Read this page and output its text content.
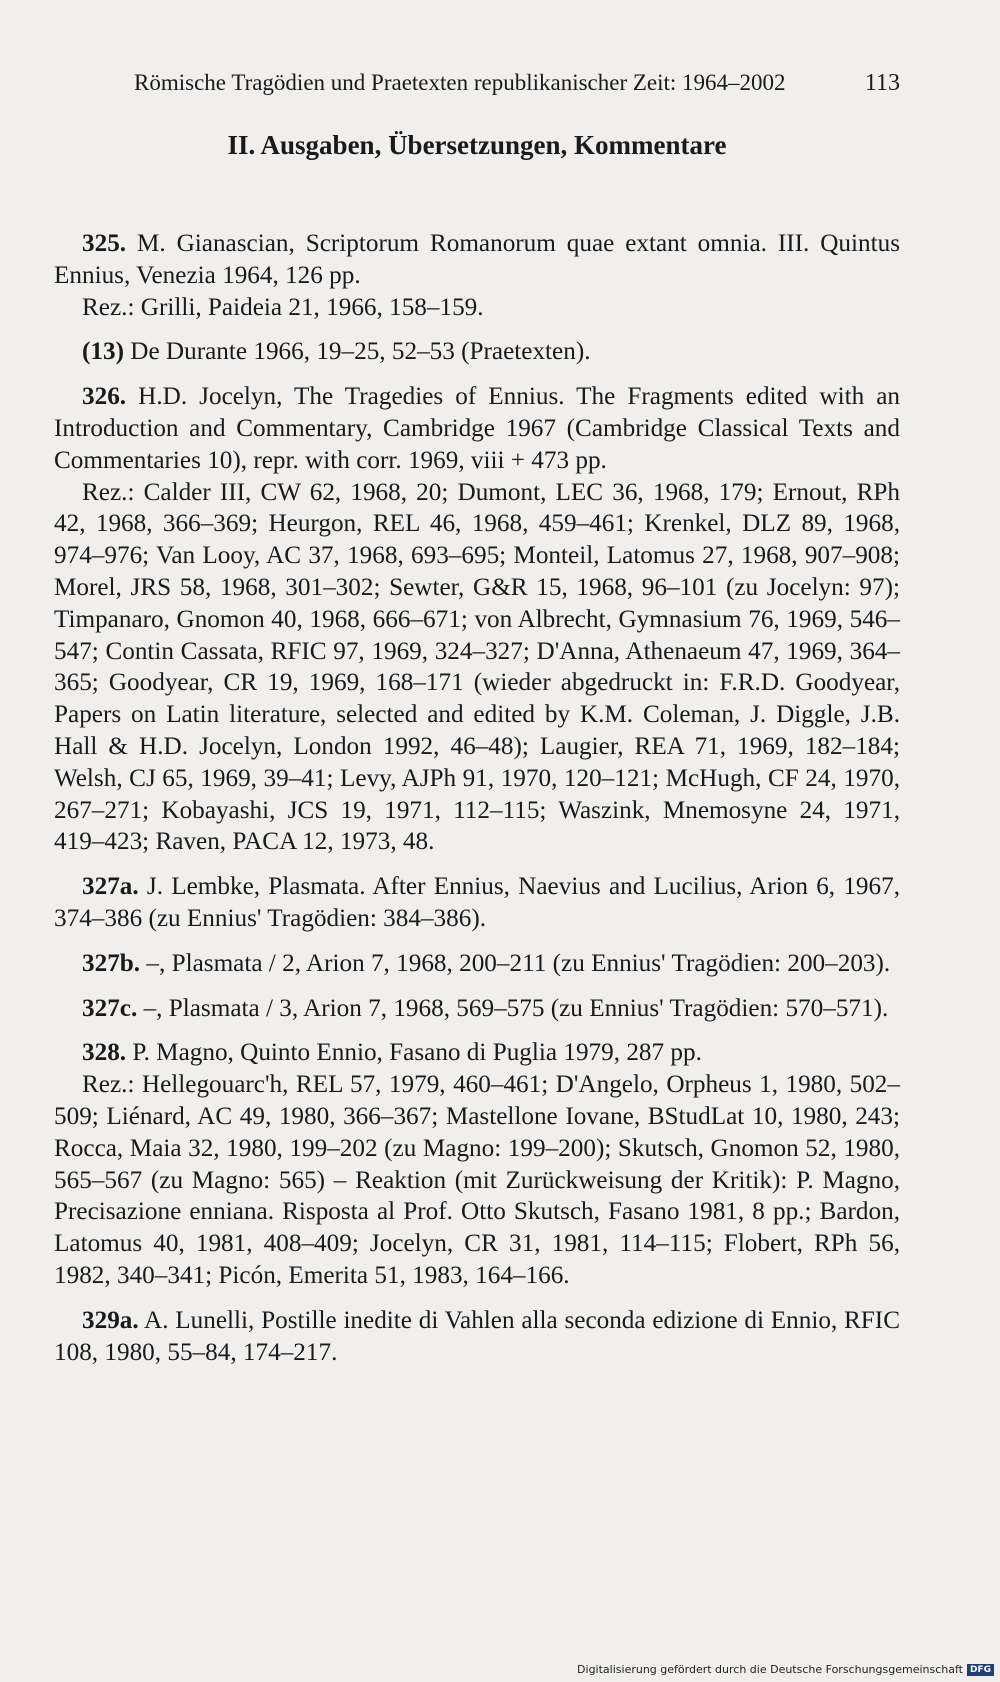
Römische Tragödien und Praetexten republikanischer Zeit: 1964–2002	113
II. Ausgaben, Übersetzungen, Kommentare

325. M. Gianascian, Scriptorum Romanorum quae extant omnia. III. Quintus Ennius, Venezia 1964, 126 pp.

Rez.: Grilli, Paideia 21, 1966, 158–159.

(13) De Durante 1966, 19–25, 52–53 (Praetexten).

326. H.D. Jocelyn, The Tragedies of Ennius. The Fragments edited with an Introduction and Commentary, Cambridge 1967 (Cambridge Classical Texts and Commentaries 10), repr. with corr. 1969, viii + 473 pp.

Rez.: Calder III, CW 62, 1968, 20; Dumont, LEC 36, 1968, 179; Ernout, RPh 42, 1968, 366–369; Heurgon, REL 46, 1968, 459–461; Krenkel, DLZ 89, 1968, 974–976; Van Looy, AC 37, 1968, 693–695; Monteil, Latomus 27, 1968, 907–908; Morel, JRS 58, 1968, 301–302; Sewter, G&R 15, 1968, 96–101 (zu Jocelyn: 97); Timpanaro, Gnomon 40, 1968, 666–671; von Albrecht, Gymnasium 76, 1969, 546–547; Contin Cassata, RFIC 97, 1969, 324–327; D'Anna, Athenaeum 47, 1969, 364–365; Goodyear, CR 19, 1969, 168–171 (wieder abgedruckt in: F.R.D. Goodyear, Papers on Latin literature, selected and edited by K.M. Coleman, J. Diggle, J.B. Hall & H.D. Jocelyn, London 1992, 46–48); Laugier, REA 71, 1969, 182–184; Welsh, CJ 65, 1969, 39–41; Levy, AJPh 91, 1970, 120–121; McHugh, CF 24, 1970, 267–271; Kobayashi, JCS 19, 1971, 112–115; Waszink, Mnemosyne 24, 1971, 419–423; Raven, PACA 12, 1973, 48.

327a. J. Lembke, Plasmata. After Ennius, Naevius and Lucilius, Arion 6, 1967, 374–386 (zu Ennius' Tragödien: 384–386).

327b. –, Plasmata / 2, Arion 7, 1968, 200–211 (zu Ennius' Tragödien: 200–203).

327c. –, Plasmata / 3, Arion 7, 1968, 569–575 (zu Ennius' Tragödien: 570–571).

328. P. Magno, Quinto Ennio, Fasano di Puglia 1979, 287 pp.

Rez.: Hellegouarc'h, REL 57, 1979, 460–461; D'Angelo, Orpheus 1, 1980, 502–509; Liénard, AC 49, 1980, 366–367; Mastellone Iovane, BStudLat 10, 1980, 243; Rocca, Maia 32, 1980, 199–202 (zu Magno: 199–200); Skutsch, Gnomon 52, 1980, 565–567 (zu Magno: 565) – Reaktion (mit Zurückweisung der Kritik): P. Magno, Precisazione enniana. Risposta al Prof. Otto Skutsch, Fasano 1981, 8 pp.; Bardon, Latomus 40, 1981, 408–409; Jocelyn, CR 31, 1981, 114–115; Flobert, RPh 56, 1982, 340–341; Picón, Emerita 51, 1983, 164–166.

329a. A. Lunelli, Postille inedite di Vahlen alla seconda edizione di Ennio, RFIC 108, 1980, 55–84, 174–217.

Digitalisierung gefördert durch die Deutsche Forschungsgemeinschaft DFG
